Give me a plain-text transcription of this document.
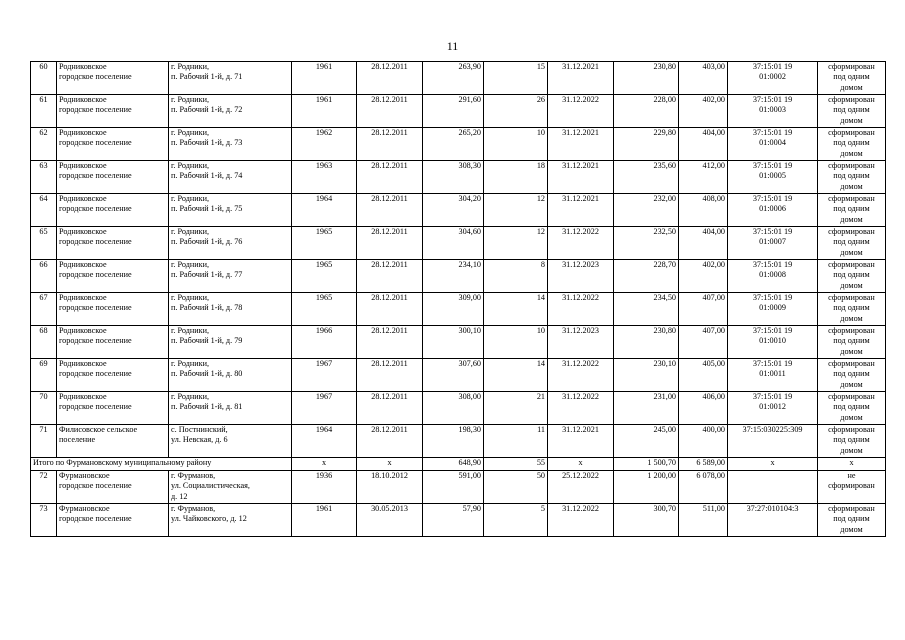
11
60	Родниковское
городское поселение	г. Родники,
п. Рабочий 1-й, д. 71	1961	28.12.2011	263,90	15	31.12.2021	230,80	403,00	37:15:01 19
01:0002	сформирован
под одним
домом
61	Родниковское
городское поселение	г. Родники,
п. Рабочий 1-й, д. 72	1961	28.12.2011	291,60	26	31.12.2022	228,00	402,00	37:15:01 19
01:0003	сформирован
под одним
домом
62	Родниковское
городское поселение	г. Родники,
п. Рабочий 1-й, д. 73	1962	28.12.2011	265,20	10	31.12.2021	229,80	404,00	37:15:01 19
01:0004	сформирован
под одним
домом
63	Родниковское
городское поселение	г. Родники,
п. Рабочий 1-й, д. 74	1963	28.12.2011	308,30	18	31.12.2021	235,60	412,00	37:15:01 19
01:0005	сформирован
под одним
домом
64	Родниковское
городское поселение	г. Родники,
п. Рабочий 1-й, д. 75	1964	28.12.2011	304,20	12	31.12.2021	232,00	408,00	37:15:01 19
01:0006	сформирован
под одним
домом
65	Родниковское
городское поселение	г. Родники,
п. Рабочий 1-й, д. 76	1965	28.12.2011	304,60	12	31.12.2022	232,50	404,00	37:15:01 19
01:0007	сформирован
под одним
домом
66	Родниковское
городское поселение	г. Родники,
п. Рабочий 1-й, д. 77	1965	28.12.2011	234,10	8	31.12.2023	228,70	402,00	37:15:01 19
01:0008	сформирован
под одним
домом
67	Родниковское
городское поселение	г. Родники,
п. Рабочий 1-й, д. 78	1965	28.12.2011	309,00	14	31.12.2022	234,50	407,00	37:15:01 19
01:0009	сформирован
под одним
домом
68	Родниковское
городское поселение	г. Родники,
п. Рабочий 1-й, д. 79	1966	28.12.2011	300,10	10	31.12.2023	230,80	407,00	37:15:01 19
01:0010	сформирован
под одним
домом
69	Родниковское
городское поселение	г. Родники,
п. Рабочий 1-й, д. 80	1967	28.12.2011	307,60	14	31.12.2022	230,10	405,00	37:15:01 19
01:0011	сформирован
под одним
домом
70	Родниковское
городское поселение	г. Родники,
п. Рабочий 1-й, д. 81	1967	28.12.2011	308,00	21	31.12.2022	231,00	406,00	37:15:01 19
01:0012	сформирован
под одним
домом
71	Филисовское сельское
поселение	с. Постнинский,
ул. Невская, д. 6	1964	28.12.2011	198,30	11	31.12.2021	245,00	400,00	37:15:030225:309	сформирован
под одним
домом
Итого по Фурмановскому муниципальному району			х	х	648,90	55	х	1 500,70	6 589,00	х	х
72	Фурмановское
городское поселение	г. Фурманов,
ул. Социалистическая,
д. 12	1936	18.10.2012	591,00	50	25.12.2022	1 200,00	6 078,00		не
сформирован

73	Фурмановское
городское поселение	г. Фурманов,
ул. Чайковского, д. 12	1961	30.05.2013	57,90	5	31.12.2022	300,70	511,00	37:27:010104:3	сформирован
под одним
домом
